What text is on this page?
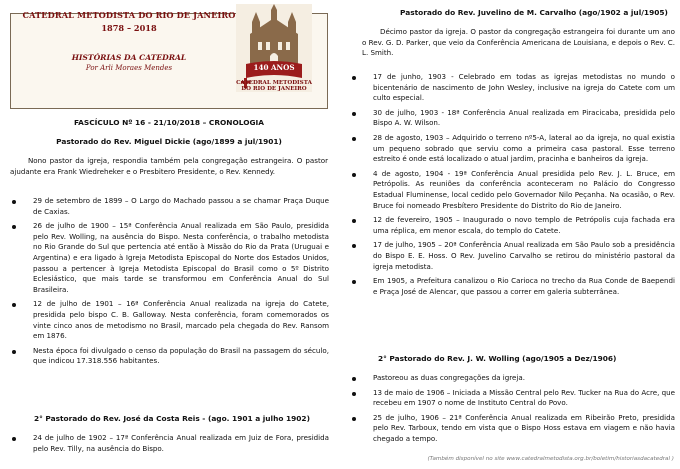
CATEDRAL METODISTA DO RIO DE JANEIRO
1878 – 2018
HISTÓRIAS DA CATEDRAL
Por Arli Moraes Mendes	140 ANOS
CATEDRAL METODISTA
DO RIO DE JANEIRO
FASCÍCULO Nº 16 - 21/10/2018 – CRONOLOGIA
Pastorado do Rev. Miguel Dickie (ago/1899 a jul/1901)

Nono pastor da igreja, respondia também pela congregação estrangeira. O pastor ajudante era Frank Wiedreheker e o Presbitero Presidente, o Rev. Kennedy.

29 de setembro de 1899 – O Largo do Machado passou a se chamar Praça Duque de Caxias.
26 de julho de 1900 – 15ª Conferência Anual realizada em São Paulo, presidida pelo Rev. Wolling, na ausência do Bispo. Nesta conferência, o trabalho metodista no Rio Grande do Sul que pertencia até então à Missão do Rio da Prata (Uruguai e Argentina) e era ligado à Igreja Metodista Episcopal do Norte dos Estados Unidos, passou a pertencer à Igreja Metodista Episcopal do Brasil como o 5º Distrito Eclesiástico, que mais tarde se transformou em Conferência Anual do Sul Brasileira.
12 de julho de 1901 – 16ª Conferência Anual realizada na igreja do Catete, presidida pelo bispo C. B. Galloway. Nesta conferência, foram comemorados os vinte cinco anos de metodismo no Brasil, marcado pela chegada do Rev. Ransom em 1876.
Nesta época foi divulgado o censo da população do Brasil na passagem do século, que indicou 17.318.556 habitantes.
2° Pastorado do Rev. José da Costa Reis - (ago. 1901 a julho 1902)
24 de julho de 1902 – 17ª Conferência Anual realizada em Juiz de Fora, presidida pelo Rev. Tilly, na ausência do Bispo.
Pastorado do Rev. Juvelino de M. Carvalho (ago/1902 a jul/1905)

Décimo pastor da igreja. O pastor da congregação estrangeira foi durante um ano o Rev. G. D. Parker, que veio da Conferência Americana de Louisiana, e depois o Rev. C. L. Smith.

17 de junho, 1903 - Celebrado em todas as igrejas metodistas no mundo o bicentenário de nascimento de John Wesley, inclusive na igreja do Catete com um culto especial.
30 de julho, 1903 - 18ª Conferência Anual realizada em Piracicaba, presidida pelo Bispo A. W. Wilson.
28 de agosto, 1903 – Adquirido o terreno nº5-A, lateral ao da igreja, no qual existia um pequeno sobrado que serviu como a primeira casa pastoral. Esse terreno estreito é onde está localizado o atual jardim, pracinha e banheiros da igreja.
4 de agosto, 1904 - 19ª Conferência Anual presidida pelo Rev. J. L. Bruce, em Petrópolis. As reuniões da conferência aconteceram no Palácio do Congresso Estadual Fluminense, local cedido pelo Governador Nilo Peçanha. Na ocasião, o Rev. Bruce foi nomeado Presbítero Presidente do Distrito do Rio de Janeiro.
12 de fevereiro, 1905 – Inaugurado o novo templo de Petrópolis cuja fachada era uma réplica, em menor escala, do templo do Catete.
17 de julho, 1905 – 20ª Conferência Anual realizada em São Paulo sob a presidência do Bispo E. E. Hoss. O Rev. Juvelino Carvalho se retirou do ministério pastoral da igreja metodista.
Em 1905, a Prefeitura canalizou o Rio Carioca no trecho da Rua Conde de Baependi e Praça José de Alencar, que passou a correr em galeria subterrânea.
2° Pastorado do Rev. J. W. Wolling (ago/1905 a Dez/1906)
Pastoreou as duas congregações da igreja.
13 de maio de 1906 – Iniciada a Missão Central pelo Rev. Tucker na Rua do Acre, que recebeu em 1907 o nome de Instituto Central do Povo.
25 de julho, 1906 – 21ª Conferência Anual realizada em Ribeirão Preto, presidida pelo Rev. Tarboux, tendo em vista que o Bispo Hoss estava em viagem e não havia chegado a tempo.
(Também disponível no site www.catedralmetodista.org.br/boletim/historiasdacatedral )
